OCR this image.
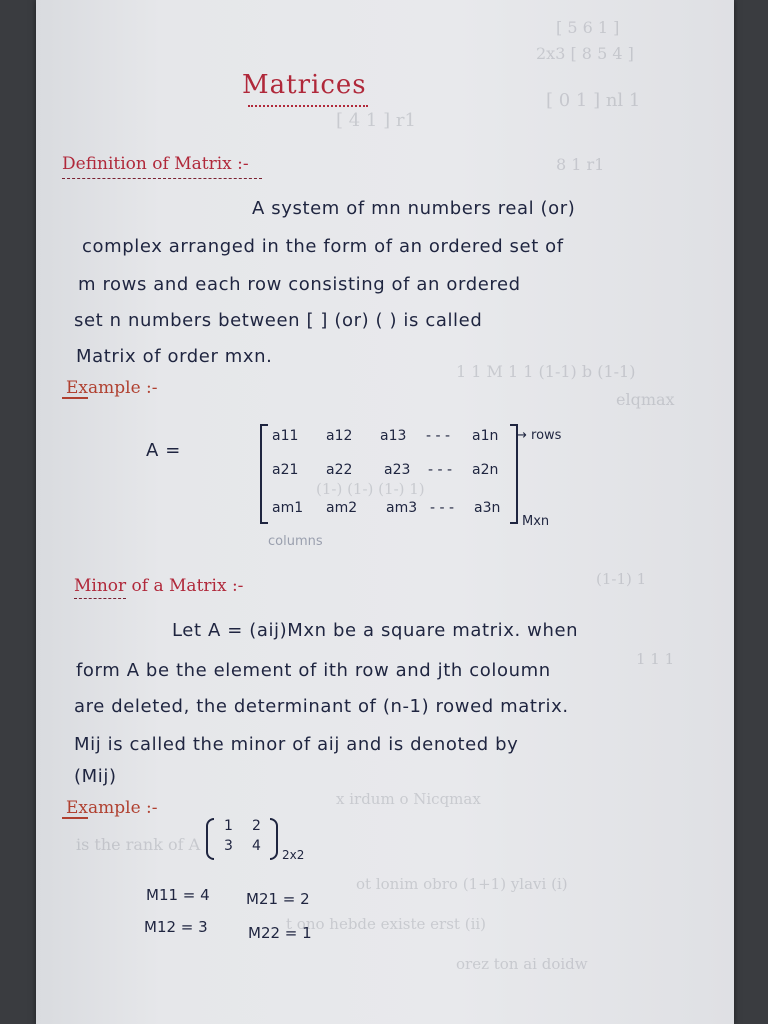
[ 5 6 1 ]
2x3 [ 8 5 4 ]
[ 0 1 ] nl 1
[ 4 1 ] r1
8 1 r1
1 1 M 1 1 (1-1) b (1-1)
elqmax
(1-) (1-) (1-) 1)
(1-1) 1
1 1 1
x irdum o Nicqmax
is the rank of A
ot lonim obro (1+1) ylavi (i)
t ono hebde existe erst (ii)
orez ton ai doidw
Matrices
Definition of Matrix :-
A system of mn numbers real (or)
complex arranged in the form of an ordered set of
m rows and each row consisting of an ordered
set n numbers between [ ] (or) ( ) is called
Matrix of order mxn.
Example :-
A =
a11 a12 a13 - - - a1n
a21 a22 a23 - - - a2n
am1 am2 am3 - - - a3n
→ rows
columns
Mxn
Minor of a Matrix :-
Let A = (aij)Mxn be a square matrix. when
form A be the element of ith row and jth coloumn
are deleted, the determinant of (n-1) rowed matrix.
Mij is called the minor of aij and is denoted by
(Mij)
Example :-
1 2
3 4
2x2
M11 = 4 M21 = 2
M12 = 3	M22 = 1
